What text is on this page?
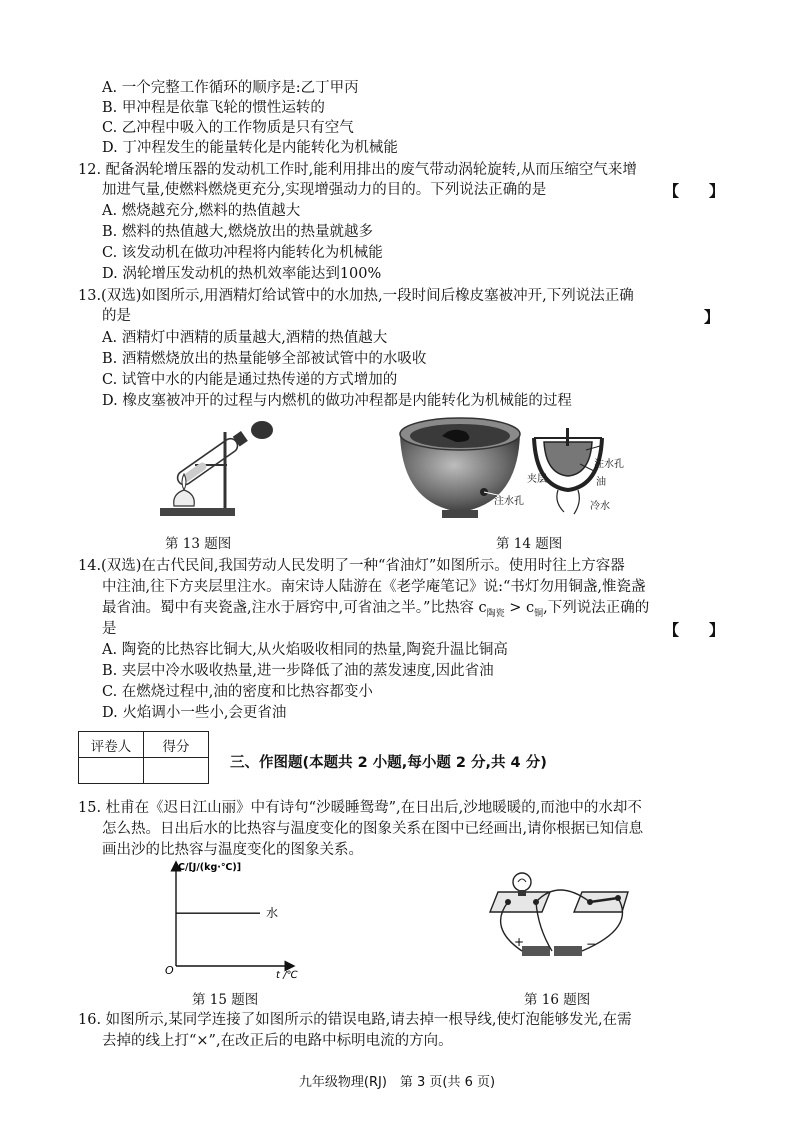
A. 一个完整工作循环的顺序是:乙丁甲丙
B. 甲冲程是依靠飞轮的惯性运转的
C. 乙冲程中吸入的工作物质是只有空气
D. 丁冲程发生的能量转化是内能转化为机械能
12. 配备涡轮增压器的发动机工作时,能利用排出的废气带动涡轮旋转,从而压缩空气来增
加进气量,使燃料燃烧更充分,实现增强动力的目的。下列说法正确的是	【　　】
A. 燃烧越充分,燃料的热值越大
B. 燃料的热值越大,燃烧放出的热量就越多
C. 该发动机在做功冲程将内能转化为机械能
D. 涡轮增压发动机的热机效率能达到100%
13.(双选)如图所示,用酒精灯给试管中的水加热,一段时间后橡皮塞被冲开,下列说法正确
的是	】
A. 酒精灯中酒精的质量越大,酒精的热值越大
B. 酒精燃烧放出的热量能够全部被试管中的水吸收
C. 试管中水的内能是通过热传递的方式增加的
D. 橡皮塞被冲开的过程与内燃机的做功冲程都是内能转化为机械能的过程
第 13 题图
注水孔
注水孔
夹层	油
冷水
第 14 题图
14.(双选)在古代民间,我国劳动人民发明了一种“省油灯”如图所示。使用时往上方容器
中注油,往下方夹层里注水。南宋诗人陆游在《老学庵笔记》说:“书灯勿用铜盏,惟瓷盏
最省油。蜀中有夹瓷盏,注水于唇窍中,可省油之半。”比热容 $c_{陶瓷} > c_铜$,下列说法正确的
是	【　　】
A. 陶瓷的比热容比铜大,从火焰吸收相同的热量,陶瓷升温比铜高
B. 夹层中冷水吸收热量,进一步降低了油的蒸发速度,因此省油
C. 在燃烧过程中,油的密度和比热容都变小
D. 火焰调小一些小,会更省油
评卷人	得分

三、作图题(本题共 2 小题,每小题 2 分,共 4 分)
15. 杜甫在《迟日江山丽》中有诗句“沙暖睡鸳鸯”,在日出后,沙地暖暖的,而池中的水却不
怎么热。日出后水的比热容与温度变化的图象关系在图中已经画出,请你根据已知信息
画出沙的比热容与温度变化的图象关系。
C/[J/(kg·℃)]
t /℃
O
水
第 15 题图
+	−
第 16 题图
16. 如图所示,某同学连接了如图所示的错误电路,请去掉一根导线,使灯泡能够发光,在需
去掉的线上打“×”,在改正后的电路中标明电流的方向。
九年级物理(RJ)　第 3 页(共 6 页)
